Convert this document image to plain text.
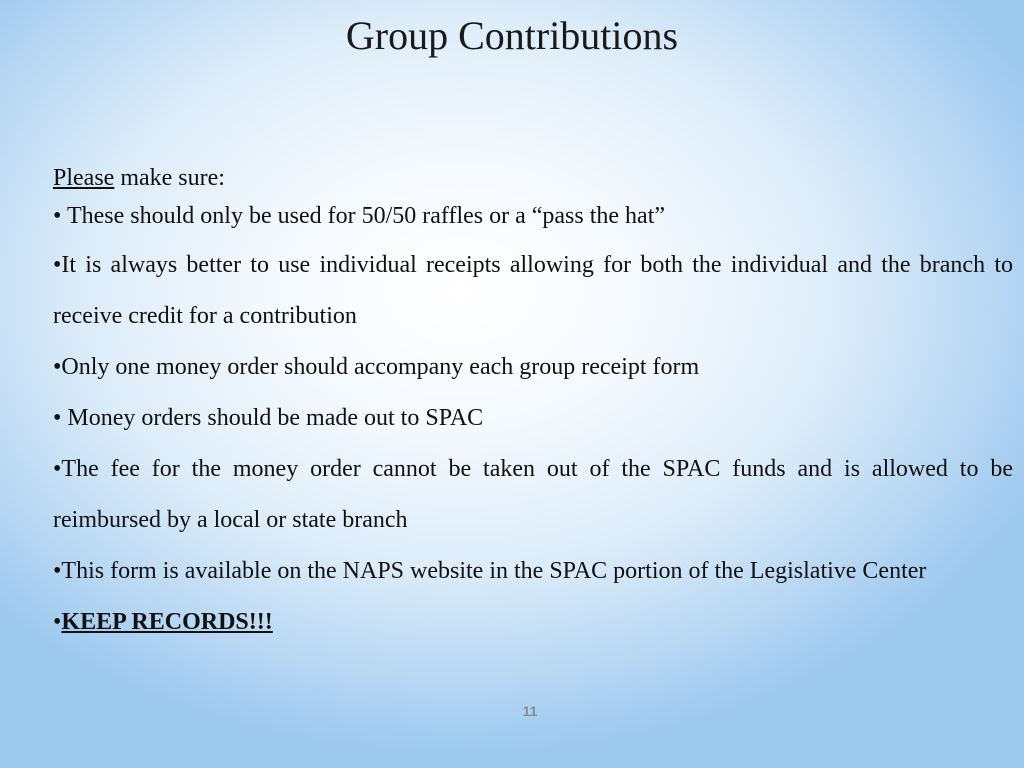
Group Contributions
Please make sure:
• These should only be used for 50/50 raffles or a “pass the hat”
•It is always better to use individual receipts allowing for both the individual and the branch to receive credit for a contribution
•Only one money order should accompany each group receipt form
• Money orders should be made out to SPAC
•The fee for the money order cannot be taken out of the SPAC funds and is allowed to be reimbursed by a local or state branch
•This form is available on the NAPS website in the SPAC portion of the Legislative Center
•KEEP RECORDS!!!
11
